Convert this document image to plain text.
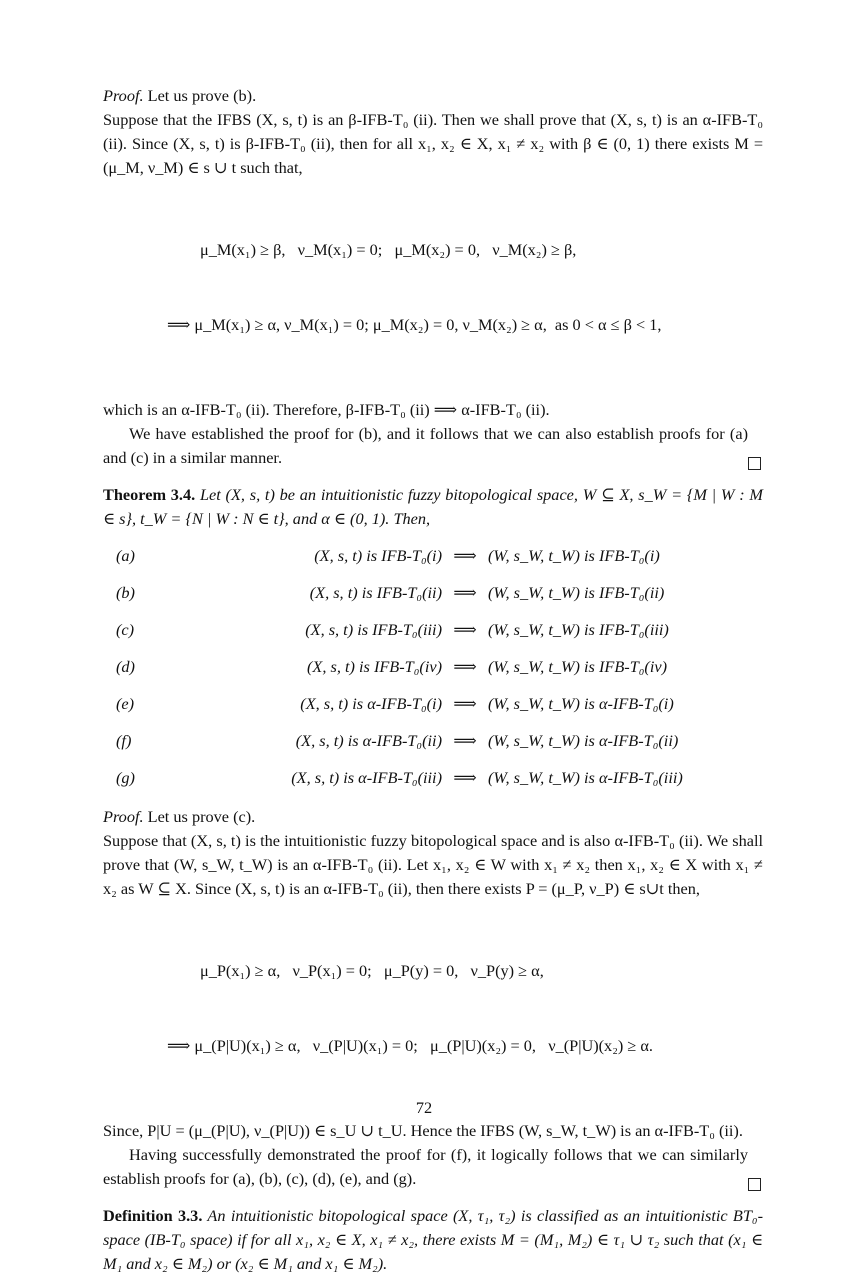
Proof. Let us prove (b).

Suppose that the IFBS (X, s, t) is an β-IFB-T₀ (ii). Then we shall prove that (X, s, t) is an α-IFB-T₀ (ii). Since (X, s, t) is β-IFB-T₀ (ii), then for all x₁, x₂ ∈ X, x₁ ≠ x₂ with β ∈ (0, 1) there exists M = (μ_M, ν_M) ∈ s ∪ t such that,

μ_M(x₁) ≥ β,   ν_M(x₁) = 0;   μ_M(x₂) = 0,   ν_M(x₂) ≥ β,

⟹ μ_M(x₁) ≥ α, ν_M(x₁) = 0; μ_M(x₂) = 0, ν_M(x₂) ≥ α,  as 0 < α ≤ β < 1,

which is an α-IFB-T₀ (ii). Therefore, β-IFB-T₀ (ii) ⟹ α-IFB-T₀ (ii).

We have established the proof for (b), and it follows that we can also establish proofs for (a) and (c) in a similar manner.

Theorem 3.4. Let (X, s, t) be an intuitionistic fuzzy bitopological space, W ⊆ X, s_W = {M | W : M ∈ s}, t_W = {N | W : N ∈ t}, and α ∈ (0, 1). Then,

(a)	(X, s, t) is IFB-T₀(i) ⟹ (W, s_W, t_W) is IFB-T₀(i)
(b)	(X, s, t) is IFB-T₀(ii) ⟹ (W, s_W, t_W) is IFB-T₀(ii)
(c)	(X, s, t) is IFB-T₀(iii) ⟹ (W, s_W, t_W) is IFB-T₀(iii)
(d)	(X, s, t) is IFB-T₀(iv) ⟹ (W, s_W, t_W) is IFB-T₀(iv)
(e)	(X, s, t) is α-IFB-T₀(i) ⟹ (W, s_W, t_W) is α-IFB-T₀(i)
(f)	(X, s, t) is α-IFB-T₀(ii) ⟹ (W, s_W, t_W) is α-IFB-T₀(ii)
(g)	(X, s, t) is α-IFB-T₀(iii) ⟹ (W, s_W, t_W) is α-IFB-T₀(iii)

Proof. Let us prove (c).

Suppose that (X, s, t) is the intuitionistic fuzzy bitopological space and is also α-IFB-T₀ (ii). We shall prove that (W, s_W, t_W) is an α-IFB-T₀ (ii). Let x₁, x₂ ∈ W with x₁ ≠ x₂ then x₁, x₂ ∈ X with x₁ ≠ x₂ as W ⊆ X. Since (X, s, t) is an α-IFB-T₀ (ii), then there exists P = (μ_P, ν_P) ∈ s∪t then,

μ_P(x₁) ≥ α,   ν_P(x₁) = 0;   μ_P(y) = 0,   ν_P(y) ≥ α,

⟹ μ_(P|U)(x₁) ≥ α,   ν_(P|U)(x₁) = 0;   μ_(P|U)(x₂) = 0,   ν_(P|U)(x₂) ≥ α.

Since, P|U = (μ_(P|U), ν_(P|U)) ∈ s_U ∪ t_U. Hence the IFBS (W, s_W, t_W) is an α-IFB-T₀ (ii).

Having successfully demonstrated the proof for (f), it logically follows that we can similarly establish proofs for (a), (b), (c), (d), (e), and (g).

Definition 3.3. An intuitionistic bitopological space (X, τ₁, τ₂) is classified as an intuitionistic BT₀-space (IB-T₀ space) if for all x₁, x₂ ∈ X, x₁ ≠ x₂, there exists M = (M₁, M₂) ∈ τ₁ ∪ τ₂ such that (x₁ ∈ M₁ and x₂ ∈ M₂) or (x₂ ∈ M₁ and x₁ ∈ M₂).

72
